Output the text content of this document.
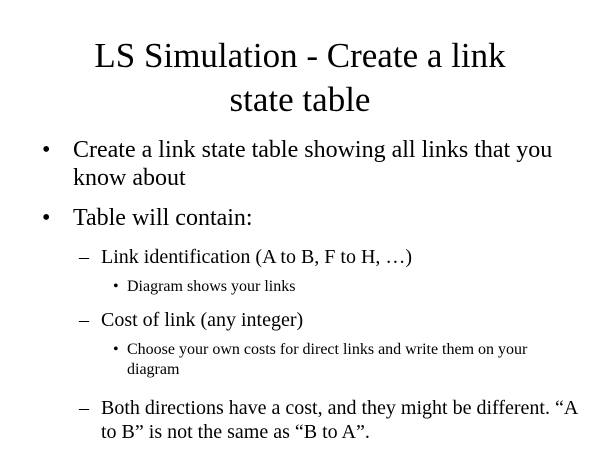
LS Simulation - Create a link state table
• Create a link state table showing all links that you know about

• Table will contain:

– Link identification (A to B, F to H, …)

• Diagram shows your links

– Cost of link (any integer)

• Choose your own costs for direct links and write them on your diagram

– Both directions have a cost, and they might be different. “A to B” is not the same as “B to A”.
